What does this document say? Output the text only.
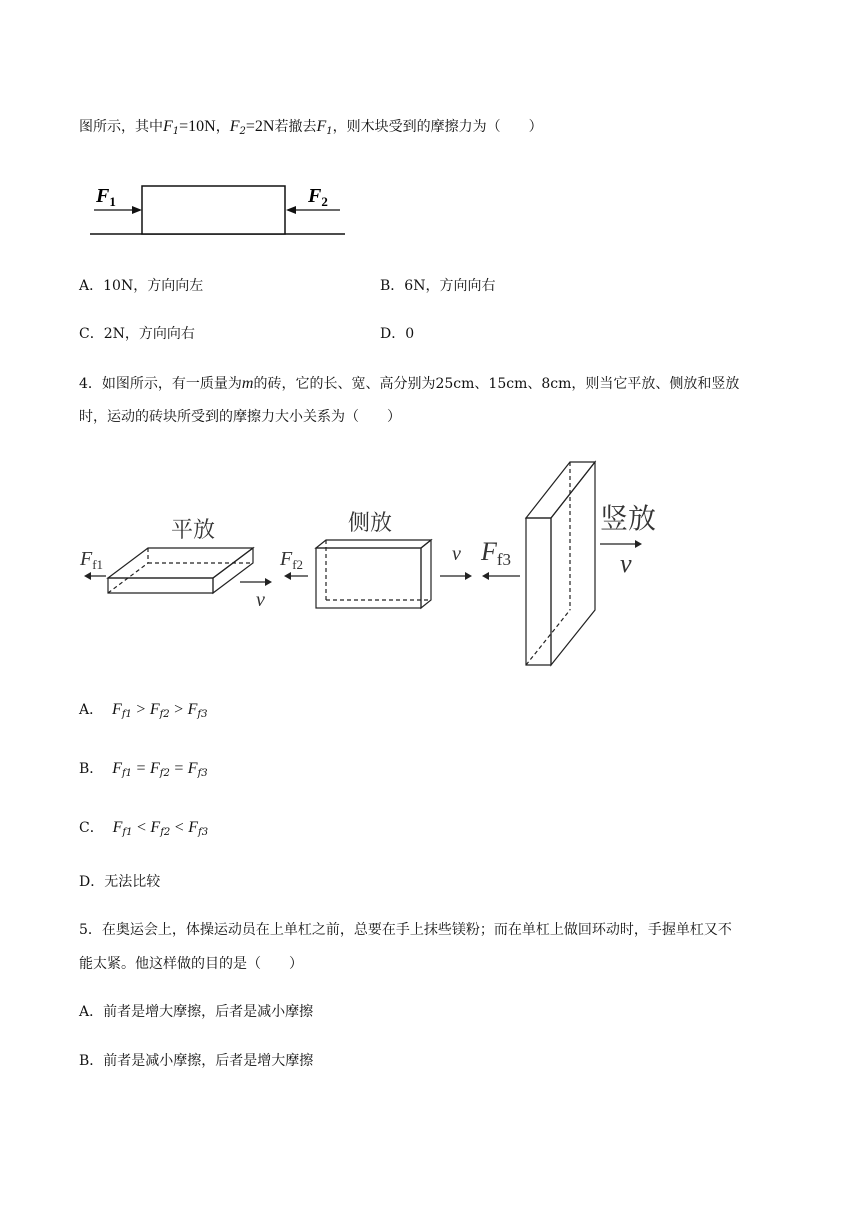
图所示，其中$F_1=10N$，$F_2=2N$若撤去$F_1$，则木块受到的摩擦力为（　　）
$F_1$	$F_2$
A．10N，方向向左	B．6N，方向向右
C．2N，方向向右	D．0
4．如图所示，有一质量为m的砖，它的长、宽、高分别为25cm、15cm、8cm，则当它平放、侧放和竖放
时，运动的砖块所受到的摩擦力大小关系为（　　）
平放	侧放	竖放
$F_{f1}$	$F_{f2}$	Ff3
v
v	v
A． $F_{f1} > F_{f2} > F_{f3}$
B． $F_{f1} = F_{f2} = F_{f3}$
C． $F_{f1} < F_{f2} < F_{f3}$
D．无法比较
5．在奥运会上，体操运动员在上单杠之前，总要在手上抹些镁粉；而在单杠上做回环动时，手握单杠又不
能太紧。他这样做的目的是（　　）
A．前者是增大摩擦，后者是减小摩擦
B．前者是减小摩擦，后者是增大摩擦
